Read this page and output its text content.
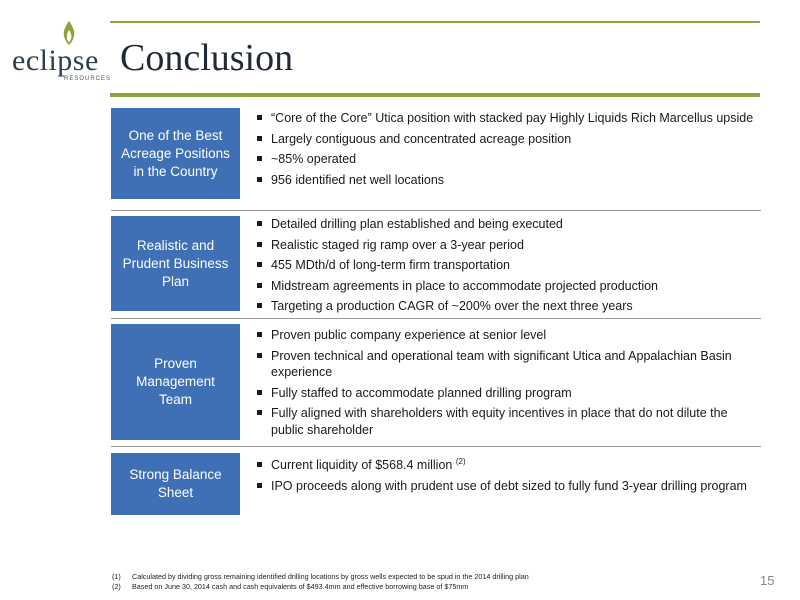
eclipse
RESOURCES Conclusion
One of the Best Acreage Positions in the Country
“Core of the Core” Utica position with stacked pay Highly Liquids Rich Marcellus upside
Largely contiguous and concentrated acreage position
~85% operated
956 identified net well locations
Realistic and Prudent Business Plan
Detailed drilling plan established and being executed
Realistic staged rig ramp over a 3-year period
455 MDth/d of long-term firm transportation
Midstream agreements in place to accommodate projected production
Targeting a production CAGR of ~200% over the next three years
Proven Management Team
Proven public company experience at senior level
Proven technical and operational team with significant Utica and Appalachian Basin experience
Fully staffed to accommodate planned drilling program
Fully aligned with shareholders with equity incentives in place that do not dilute the public shareholder
Strong Balance Sheet
Current liquidity of $568.4 million $^{(2)}$
IPO proceeds along with prudent use of debt sized to fully fund 3-year drilling program
(1) Calculated by dividing gross remaining identified drilling locations by gross wells expected to be spud in the 2014 drilling plan
(2) Based on June 30, 2014 cash and cash equivalents of $493.4mm and effective borrowing base of $75mm	15
